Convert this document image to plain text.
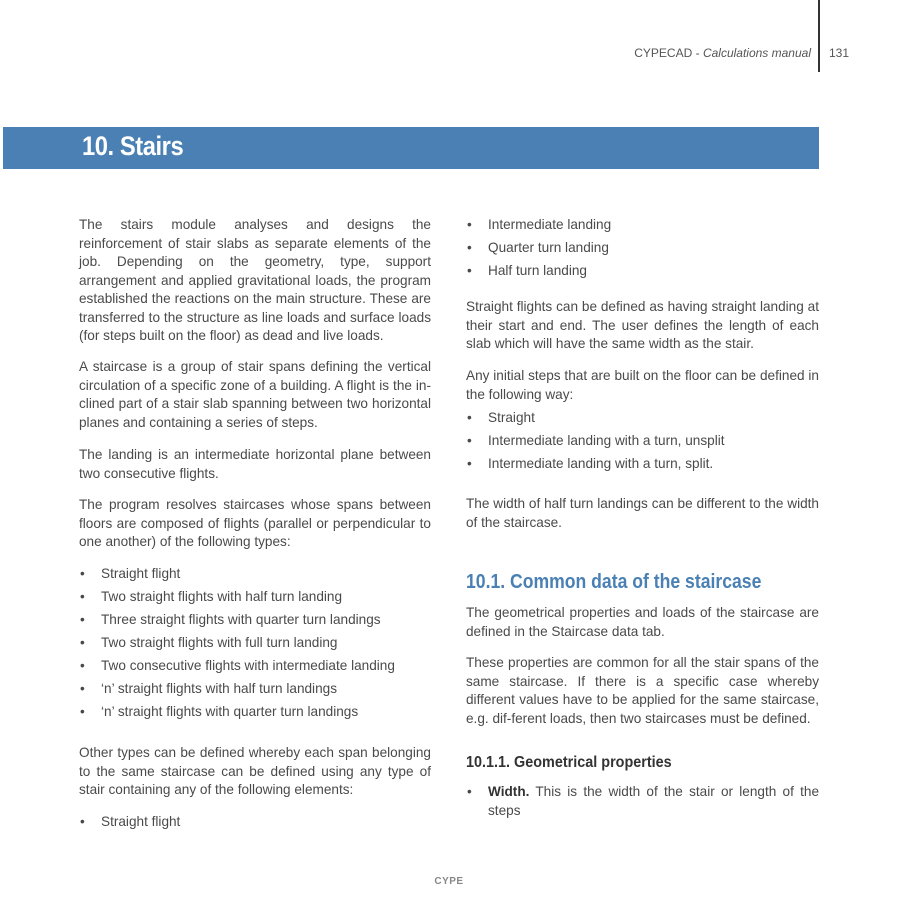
CYPECAD - Calculations manual 131
10. Stairs
The stairs module analyses and designs the reinforcement of stair slabs as separate elements of the job. Depending on the geometry, type, support arrangement and applied gravitational loads, the program established the reactions on the main structure. These are transferred to the structure as line loads and surface loads (for steps built on the floor) as dead and live loads.
A staircase is a group of stair spans defining the vertical circulation of a specific zone of a building. A flight is the in-clined part of a stair slab spanning between two horizontal planes and containing a series of steps.
The landing is an intermediate horizontal plane between two consecutive flights.
The program resolves staircases whose spans between floors are composed of flights (parallel or perpendicular to one another) of the following types:
• Straight flight
• Two straight flights with half turn landing
• Three straight flights with quarter turn landings
• Two straight flights with full turn landing
• Two consecutive flights with intermediate landing
• ‘n’ straight flights with half turn landings
• ‘n’ straight flights with quarter turn landings
Other types can be defined whereby each span belonging to the same staircase can be defined using any type of stair containing any of the following elements:
• Straight flight
• Intermediate landing
• Quarter turn landing
• Half turn landing
Straight flights can be defined as having straight landing at their start and end. The user defines the length of each slab which will have the same width as the stair.
Any initial steps that are built on the floor can be defined in the following way:
• Straight
• Intermediate landing with a turn, unsplit
• Intermediate landing with a turn, split.
The width of half turn landings can be different to the width of the staircase.
10.1. Common data of the staircase
The geometrical properties and loads of the staircase are defined in the Staircase data tab.
These properties are common for all the stair spans of the same staircase. If there is a specific case whereby different values have to be applied for the same staircase, e.g. dif-ferent loads, then two staircases must be defined.
10.1.1. Geometrical properties
• Width. This is the width of the stair or length of the steps
CYPE
